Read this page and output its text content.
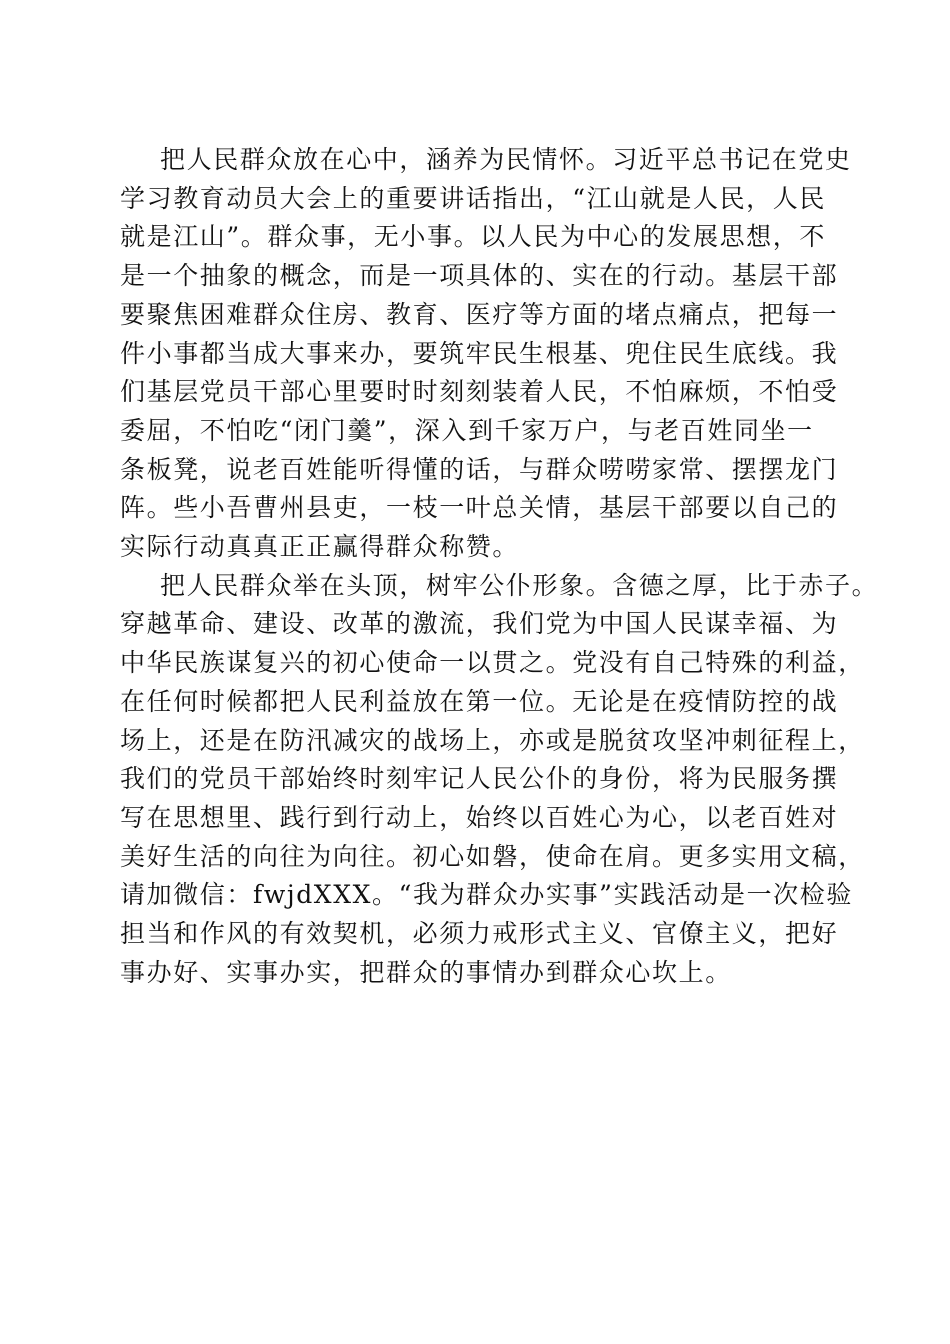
把人民群众放在心中，涵养为民情怀。习近平总书记在党史
学习教育动员大会上的重要讲话指出，“江山就是人民，人民
就是江山”。群众事，无小事。以人民为中心的发展思想，不
是一个抽象的概念，而是一项具体的、实在的行动。基层干部
要聚焦困难群众住房、教育、医疗等方面的堵点痛点，把每一
件小事都当成大事来办，要筑牢民生根基、兜住民生底线。我
们基层党员干部心里要时时刻刻装着人民，不怕麻烦，不怕受
委屈，不怕吃“闭门羹”，深入到千家万户，与老百姓同坐一
条板凳，说老百姓能听得懂的话，与群众唠唠家常、摆摆龙门
阵。些小吾曹州县吏，一枝一叶总关情，基层干部要以自己的
实际行动真真正正赢得群众称赞。

把人民群众举在头顶，树牢公仆形象。含德之厚，比于赤子。
穿越革命、建设、改革的激流，我们党为中国人民谋幸福、为
中华民族谋复兴的初心使命一以贯之。党没有自己特殊的利益，
在任何时候都把人民利益放在第一位。无论是在疫情防控的战
场上，还是在防汛减灾的战场上，亦或是脱贫攻坚冲刺征程上，
我们的党员干部始终时刻牢记人民公仆的身份，将为民服务撰
写在思想里、践行到行动上，始终以百姓心为心，以老百姓对
美好生活的向往为向往。初心如磐，使命在肩。更多实用文稿，
请加微信：fwjdXXX。“我为群众办实事”实践活动是一次检验
担当和作风的有效契机，必须力戒形式主义、官僚主义，把好
事办好、实事办实，把群众的事情办到群众心坎上。
